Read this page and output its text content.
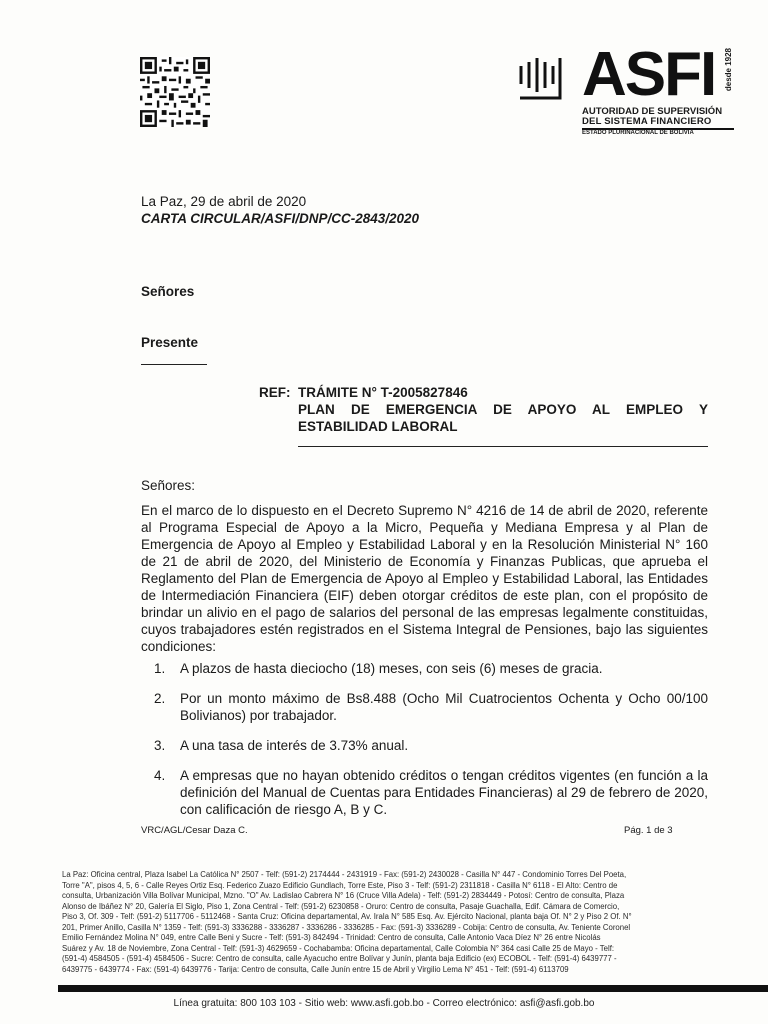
ASFI desde 1928
AUTORIDAD DE SUPERVISIÓN
DEL SISTEMA FINANCIERO
ESTADO PLURINACIONAL DE BOLIVIA
La Paz, 29 de abril de 2020
CARTA CIRCULAR/ASFI/DNP/CC-2843/2020
Señores
Presente
REF: TRÁMITE N° T-2005827846
PLAN DE EMERGENCIA DE APOYO AL EMPLEO Y
ESTABILIDAD LABORAL
Señores:
En el marco de lo dispuesto en el Decreto Supremo N° 4216 de 14 de abril de 2020, referente al Programa Especial de Apoyo a la Micro, Pequeña y Mediana Empresa y al Plan de Emergencia de Apoyo al Empleo y Estabilidad Laboral y en la Resolución Ministerial N° 160 de 21 de abril de 2020, del Ministerio de Economía y Finanzas Publicas, que aprueba el Reglamento del Plan de Emergencia de Apoyo al Empleo y Estabilidad Laboral, las Entidades de Intermediación Financiera (EIF) deben otorgar créditos de este plan, con el propósito de brindar un alivio en el pago de salarios del personal de las empresas legalmente constituidas, cuyos trabajadores estén registrados en el Sistema Integral de Pensiones, bajo las siguientes condiciones:
1. A plazos de hasta dieciocho (18) meses, con seis (6) meses de gracia.
2. Por un monto máximo de Bs8.488 (Ocho Mil Cuatrocientos Ochenta y Ocho 00/100 Bolivianos) por trabajador.
3. A una tasa de interés de 3.73% anual.
4. A empresas que no hayan obtenido créditos o tengan créditos vigentes (en función a la definición del Manual de Cuentas para Entidades Financieras) al 29 de febrero de 2020, con calificación de riesgo A, B y C.
VRC/AGL/Cesar Daza C.	Pág. 1 de 3
La Paz: Oficina central, Plaza Isabel La Católica N° 2507 - Telf: (591-2) 2174444 - 2431919 - Fax: (591-2) 2430028 - Casilla N° 447 - Condominio Torres Del Poeta,
Torre "A", pisos 4, 5, 6 - Calle Reyes Ortiz Esq. Federico Zuazo Edificio Gundlach, Torre Este, Piso 3 - Telf: (591-2) 2311818 - Casilla N° 6118 - El Alto: Centro de
consulta, Urbanización Villa Bolívar Municipal, Mzno. "O" Av. Ladislao Cabrera N° 16 (Cruce Villa Adela) - Telf: (591-2) 2834449 - Potosí: Centro de consulta, Plaza
Alonso de Ibáñez N° 20, Galería El Siglo, Piso 1, Zona Central - Telf: (591-2) 6230858 - Oruro: Centro de consulta, Pasaje Guachalla, Edif. Cámara de Comercio,
Piso 3, Of. 309 - Telf: (591-2) 5117706 - 5112468 - Santa Cruz: Oficina departamental, Av. Irala N° 585 Esq. Av. Ejército Nacional, planta baja Of. N° 2 y Piso 2 Of. N°
201, Primer Anillo, Casilla N° 1359 - Telf: (591-3) 3336288 - 3336287 - 3336286 - 3336285 - Fax: (591-3) 3336289 - Cobija: Centro de consulta, Av. Teniente Coronel
Emilio Fernández Molina N° 049, entre Calle Beni y Sucre - Telf: (591-3) 842494 - Trinidad: Centro de consulta, Calle Antonio Vaca Díez N° 26 entre Nicolás
Suárez y Av. 18 de Noviembre, Zona Central - Telf: (591-3) 4629659 - Cochabamba: Oficina departamental, Calle Colombia N° 364 casi Calle 25 de Mayo - Telf:
(591-4) 4584505 - (591-4) 4584506 - Sucre: Centro de consulta, calle Ayacucho entre Bolívar y Junín, planta baja Edificio (ex) ECOBOL - Telf: (591-4) 6439777 -
6439775 - 6439774 - Fax: (591-4) 6439776 - Tarija: Centro de consulta, Calle Junín entre 15 de Abril y Virgilio Lema N° 451 - Telf: (591-4) 6113709
Línea gratuita: 800 103 103 - Sitio web: www.asfi.gob.bo - Correo electrónico: asfi@asfi.gob.bo
